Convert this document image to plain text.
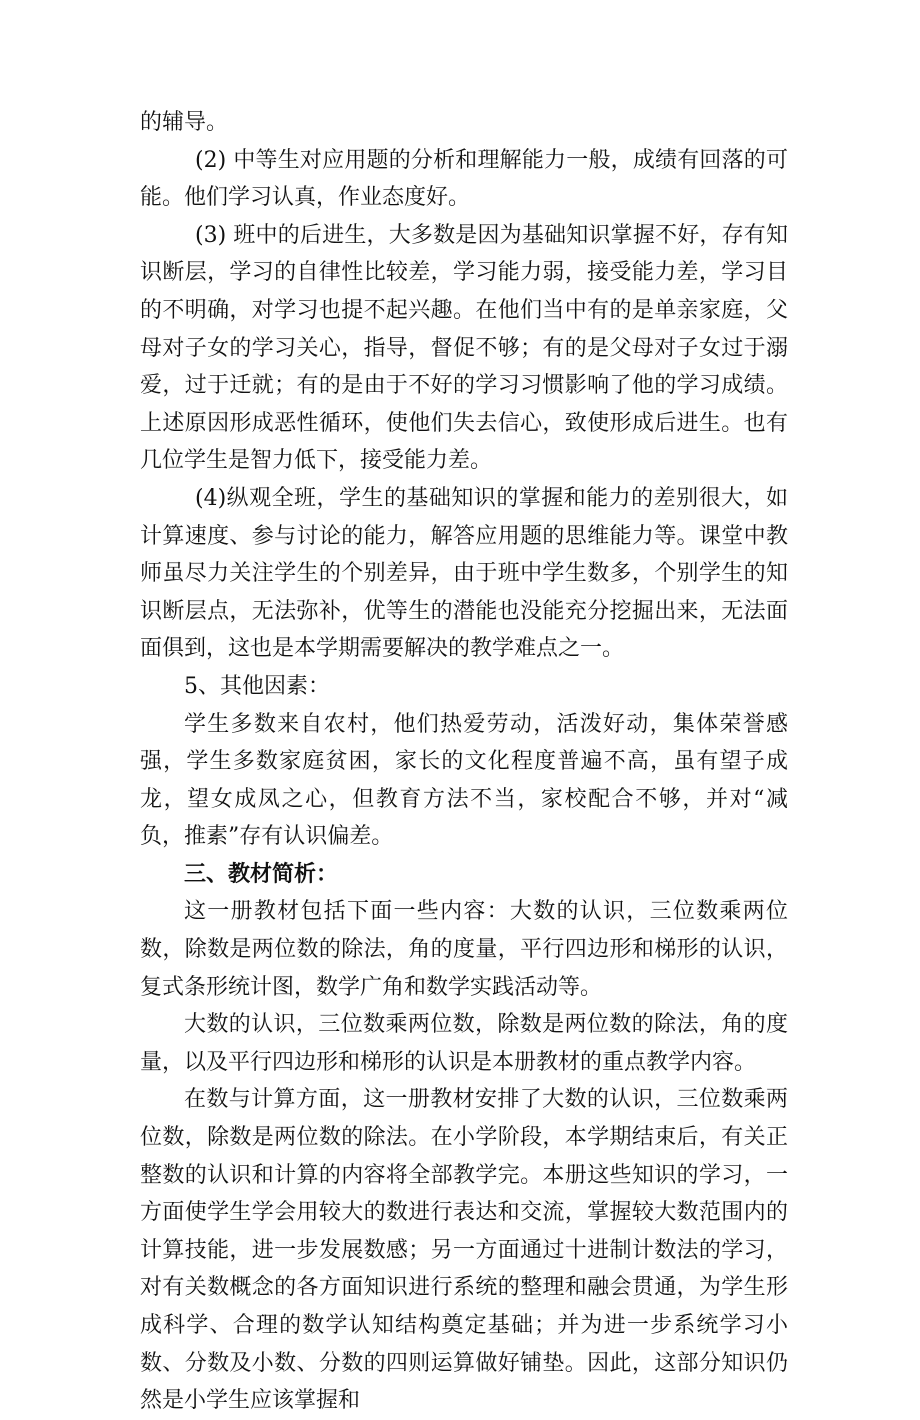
的辅导。

(2) 中等生对应用题的分析和理解能力一般，成绩有回落的可能。他们学习认真，作业态度好。

(3) 班中的后进生，大多数是因为基础知识掌握不好，存有知识断层，学习的自律性比较差，学习能力弱，接受能力差，学习目的不明确，对学习也提不起兴趣。在他们当中有的是单亲家庭，父母对子女的学习关心，指导，督促不够；有的是父母对子女过于溺爱，过于迁就；有的是由于不好的学习习惯影响了他的学习成绩。上述原因形成恶性循环，使他们失去信心，致使形成后进生。也有几位学生是智力低下，接受能力差。

(4)纵观全班，学生的基础知识的掌握和能力的差别很大，如计算速度、参与讨论的能力，解答应用题的思维能力等。课堂中教师虽尽力关注学生的个别差异，由于班中学生数多，个别学生的知识断层点，无法弥补，优等生的潜能也没能充分挖掘出来，无法面面俱到，这也是本学期需要解决的教学难点之一。

5、其他因素：

学生多数来自农村，他们热爱劳动，活泼好动，集体荣誉感强，学生多数家庭贫困，家长的文化程度普遍不高，虽有望子成龙，望女成凤之心，但教育方法不当，家校配合不够，并对“减负，推素”存有认识偏差。

三、教材简析：

这一册教材包括下面一些内容：大数的认识，三位数乘两位数，除数是两位数的除法，角的度量，平行四边形和梯形的认识，复式条形统计图，数学广角和数学实践活动等。

大数的认识，三位数乘两位数，除数是两位数的除法，角的度量，以及平行四边形和梯形的认识是本册教材的重点教学内容。

在数与计算方面，这一册教材安排了大数的认识，三位数乘两位数，除数是两位数的除法。在小学阶段，本学期结束后，有关正整数的认识和计算的内容将全部教学完。本册这些知识的学习，一方面使学生学会用较大的数进行表达和交流，掌握较大数范围内的计算技能，进一步发展数感；另一方面通过十进制计数法的学习，对有关数概念的各方面知识进行系统的整理和融会贯通，为学生形成科学、合理的数学认知结构奠定基础；并为进一步系统学习小数、分数及小数、分数的四则运算做好铺垫。因此，这部分知识仍然是小学生应该掌握和
